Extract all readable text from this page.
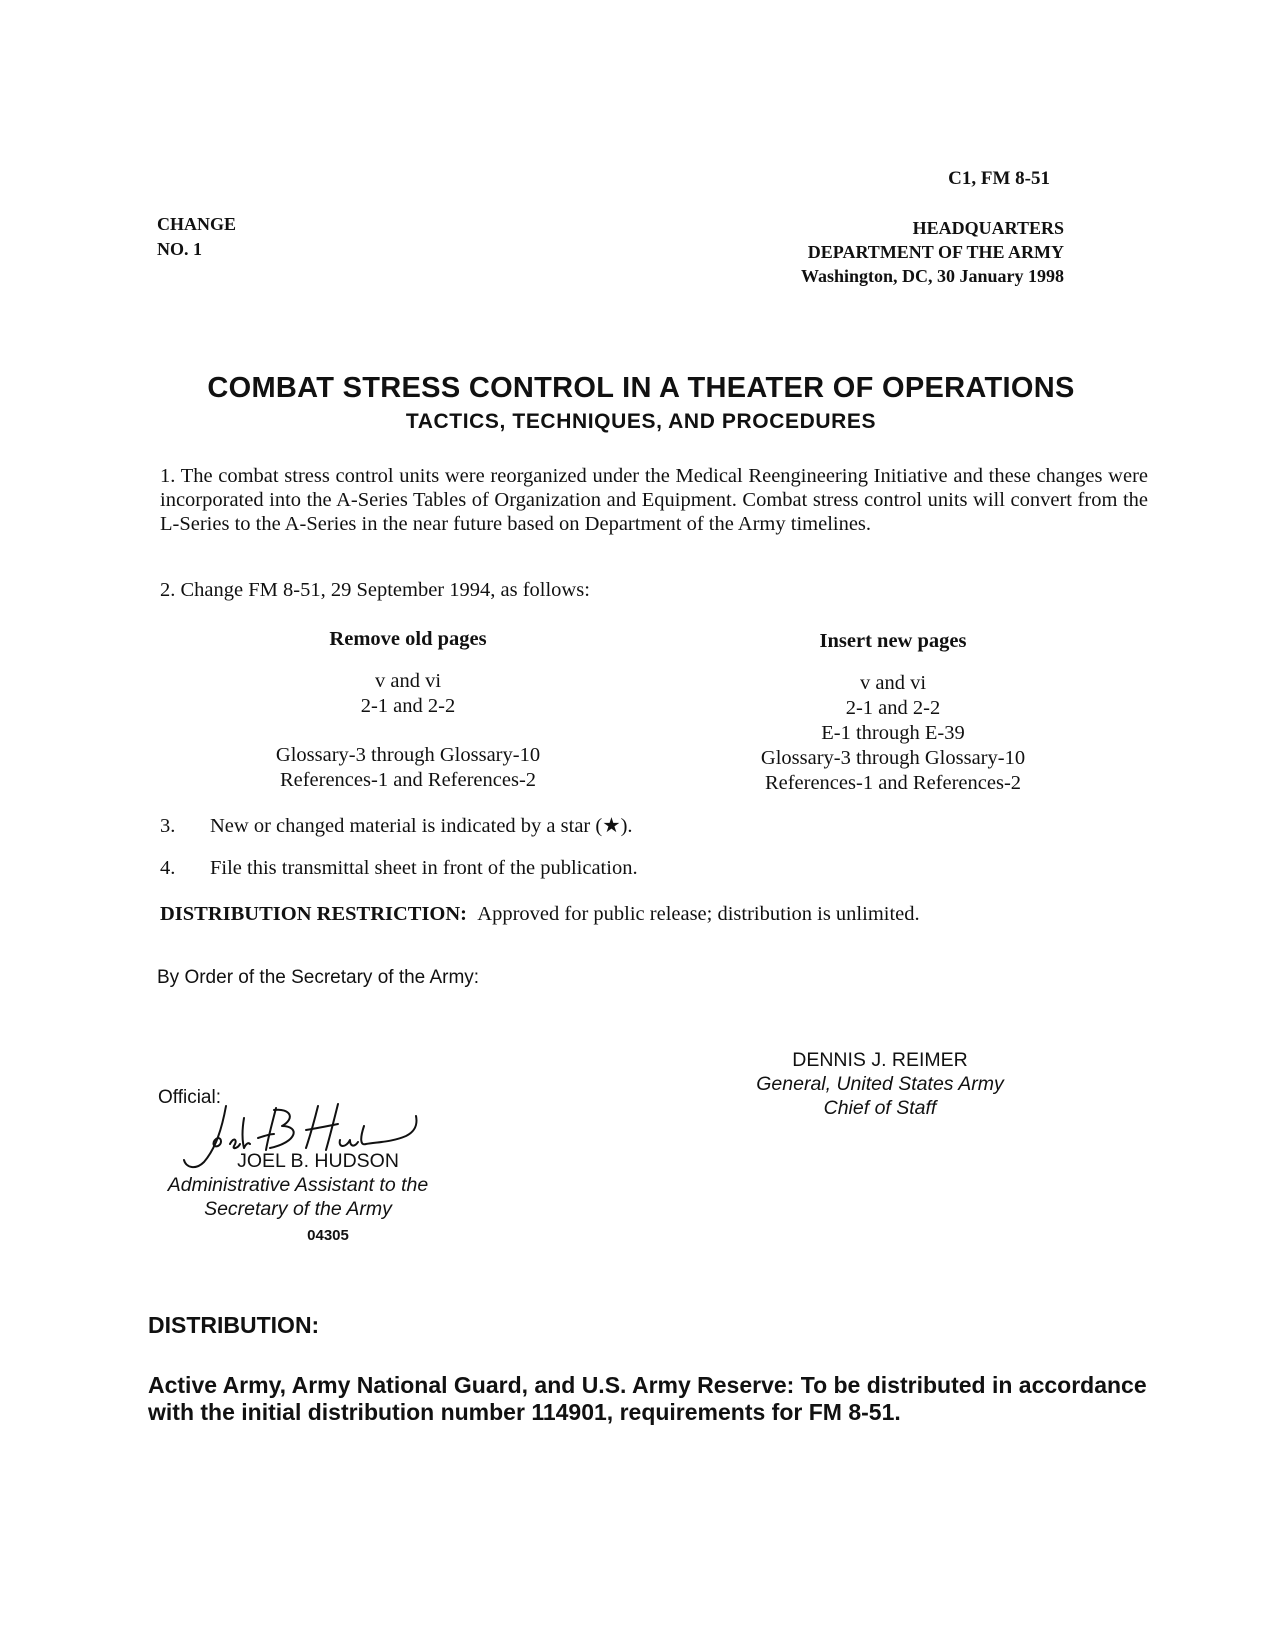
C1, FM 8-51
CHANGE
NO. 1
HEADQUARTERS
DEPARTMENT OF THE ARMY
Washington, DC, 30 January 1998
COMBAT STRESS CONTROL IN A THEATER OF OPERATIONS
TACTICS, TECHNIQUES, AND PROCEDURES
1. The combat stress control units were reorganized under the Medical Reengineering Initiative and these changes were incorporated into the A-Series Tables of Organization and Equipment. Combat stress control units will convert from the L-Series to the A-Series in the near future based on Department of the Army timelines.
2. Change FM 8-51, 29 September 1994, as follows:
Remove old pages
v and vi
2-1 and 2-2
Glossary-3 through Glossary-10
References-1 and References-2
Insert new pages
v and vi
2-1 and 2-2
E-1 through E-39
Glossary-3 through Glossary-10
References-1 and References-2
3. New or changed material is indicated by a star (★).
4. File this transmittal sheet in front of the publication.
DISTRIBUTION RESTRICTION: Approved for public release; distribution is unlimited.
By Order of the Secretary of the Army:
DENNIS J. REIMER
General, United States Army
Chief of Staff
Official:
JOEL B. HUDSON
Administrative Assistant to the
Secretary of the Army
04305
DISTRIBUTION:
Active Army, Army National Guard, and U.S. Army Reserve: To be distributed in accordance with the initial distribution number 114901, requirements for FM 8-51.
